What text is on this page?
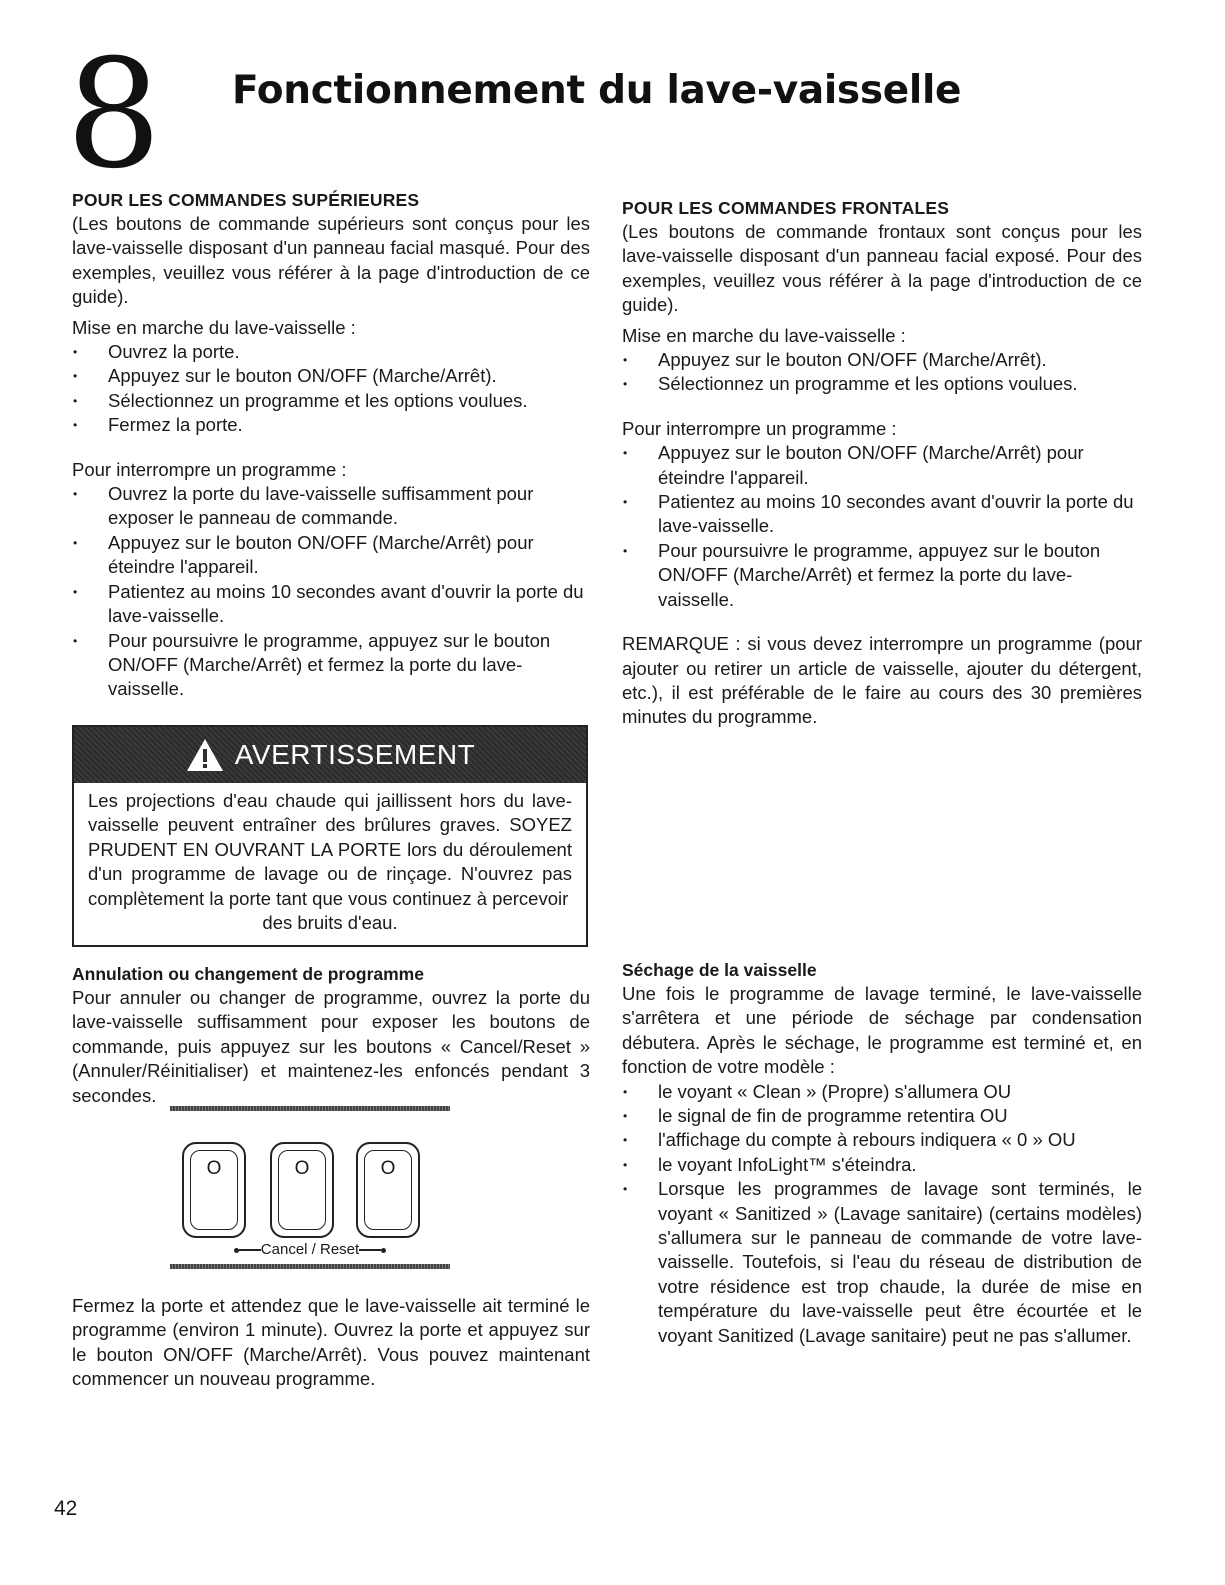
8 Fonctionnement du lave-vaisselle
POUR LES COMMANDES SUPÉRIEURES

(Les boutons de commande supérieurs sont conçus pour les lave-vaisselle disposant d'un panneau facial masqué. Pour des exemples, veuillez vous référer à la page d'introduction de ce guide).

Mise en marche du lave-vaisselle :

• Ouvrez la porte.
• Appuyez sur le bouton ON/OFF (Marche/Arrêt).
• Sélectionnez un programme et les options voulues.
• Fermez la porte.

Pour interrompre un programme :

• Ouvrez la porte du lave-vaisselle suffisamment pour exposer le panneau de commande.
• Appuyez sur le bouton ON/OFF (Marche/Arrêt) pour éteindre l'appareil.
• Patientez au moins 10 secondes avant d'ouvrir la porte du lave-vaisselle.
• Pour poursuivre le programme, appuyez sur le bouton ON/OFF (Marche/Arrêt) et fermez la porte du lave-vaisselle.
POUR LES COMMANDES FRONTALES

(Les boutons de commande frontaux sont conçus pour les lave-vaisselle disposant d'un panneau facial exposé. Pour des exemples, veuillez vous référer à la page d'introduction de ce guide).

Mise en marche du lave-vaisselle :

• Appuyez sur le bouton ON/OFF (Marche/Arrêt).
• Sélectionnez un programme et les options voulues.

Pour interrompre un programme :

• Appuyez sur le bouton ON/OFF (Marche/Arrêt) pour éteindre l'appareil.
• Patientez au moins 10 secondes avant d'ouvrir la porte du lave-vaisselle.
• Pour poursuivre le programme, appuyez sur le bouton ON/OFF (Marche/Arrêt) et fermez la porte du lave-vaisselle.

REMARQUE : si vous devez interrompre un programme (pour ajouter ou retirer un article de vaisselle, ajouter du détergent, etc.), il est préférable de le faire au cours des 30 premières minutes du programme.

AVERTISSEMENT

Les projections d'eau chaude qui jaillissent hors du lave-vaisselle peuvent entraîner des brûlures graves. SOYEZ PRUDENT EN OUVRANT LA PORTE lors du déroulement d'un programme de lavage ou de rinçage. N'ouvrez pas complètement la porte tant que vous continuez à percevoir

des bruits d'eau.

Annulation ou changement de programme

Pour annuler ou changer de programme, ouvrez la porte du lave-vaisselle suffisamment pour exposer les boutons de commande, puis appuyez sur les boutons « Cancel/Reset » (Annuler/Réinitialiser) et maintenez-les enfoncés pendant 3 secondes.

O	O	O
Cancel / Reset

Fermez la porte et attendez que le lave-vaisselle ait terminé le programme (environ 1 minute). Ouvrez la porte et appuyez sur le bouton ON/OFF (Marche/Arrêt). Vous pouvez maintenant commencer un nouveau programme.

Séchage de la vaisselle

Une fois le programme de lavage terminé, le lave-vaisselle s'arrêtera et une période de séchage par condensation débutera. Après le séchage, le programme est terminé et, en fonction de votre modèle :

• le voyant « Clean » (Propre) s'allumera OU
• le signal de fin de programme retentira OU
• l'affichage du compte à rebours indiquera « 0 » OU
• le voyant InfoLight™ s'éteindra.
• Lorsque les programmes de lavage sont terminés, le voyant « Sanitized » (Lavage sanitaire) (certains modèles) s'allumera sur le panneau de commande de votre lave-vaisselle. Toutefois, si l'eau du réseau de distribution de votre résidence est trop chaude, la durée de mise en température du lave-vaisselle peut être écourtée et le voyant Sanitized (Lavage sanitaire) peut ne pas s'allumer.
42
